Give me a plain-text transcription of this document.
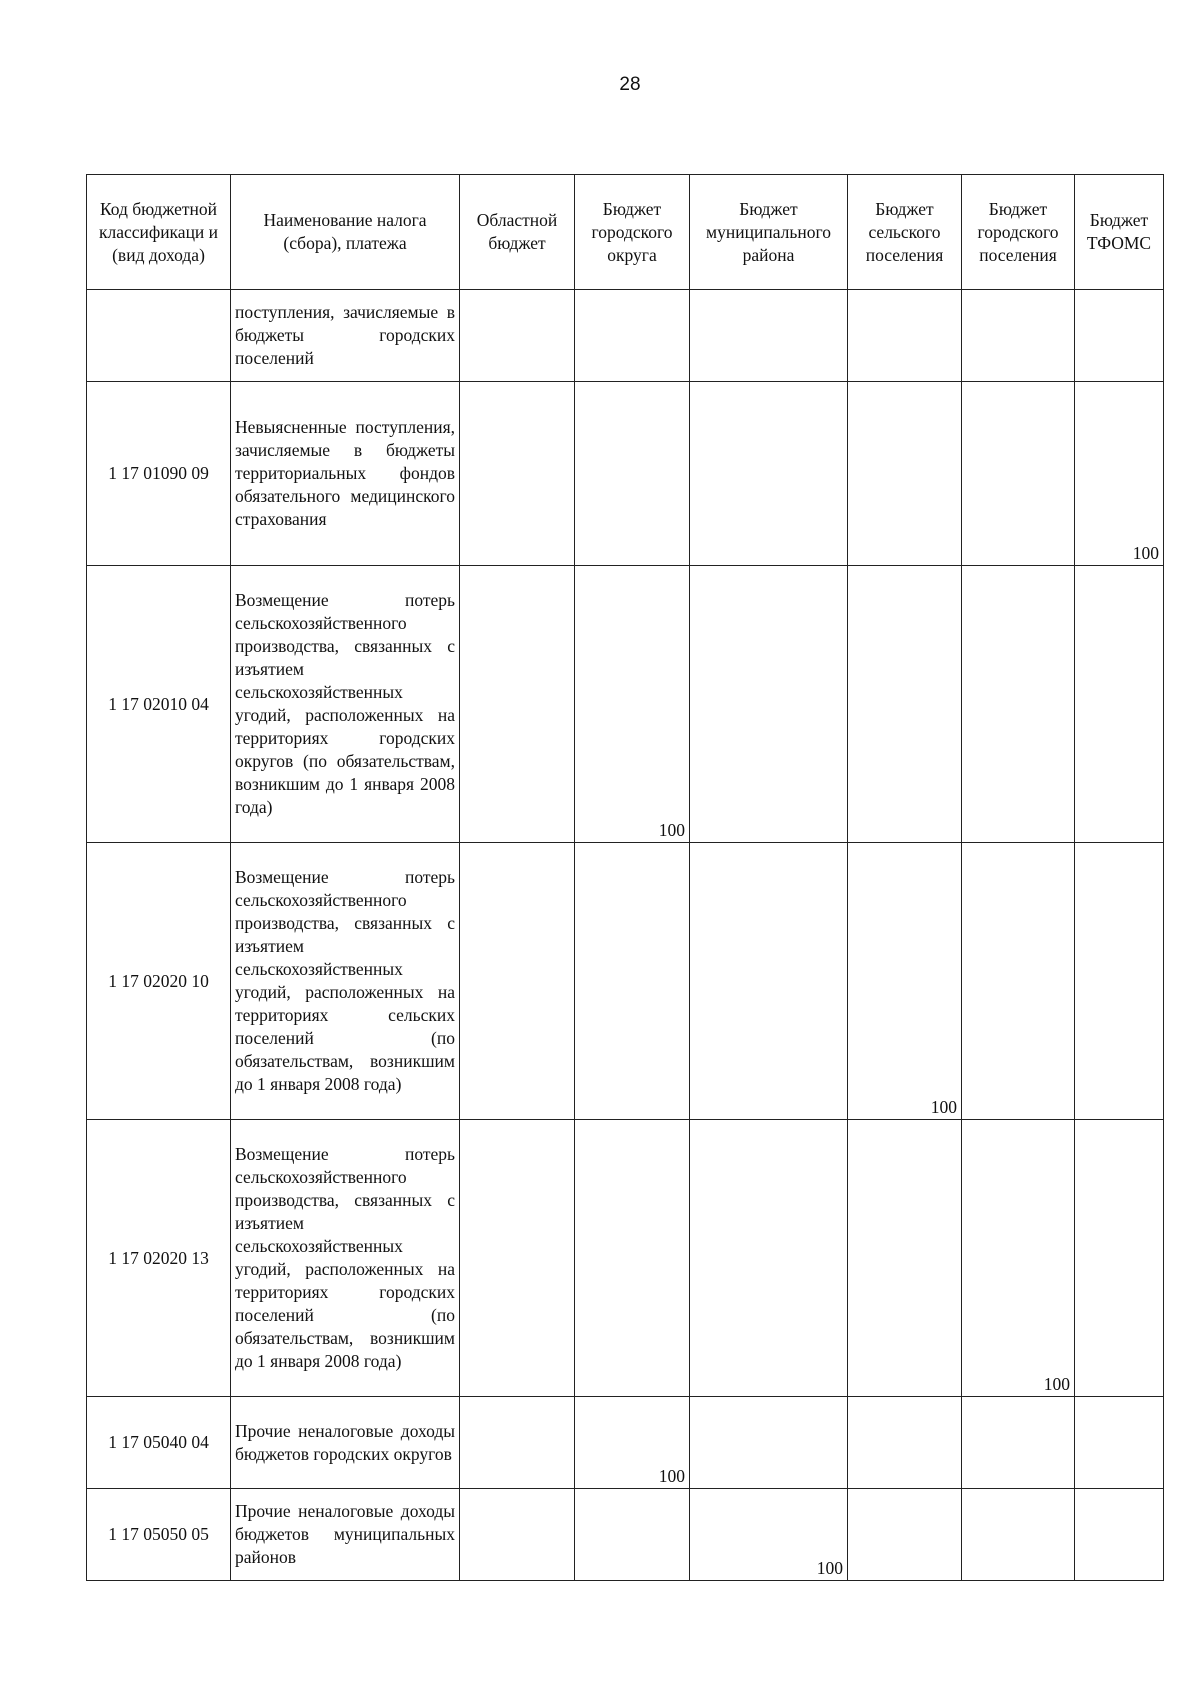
28
Код бюджетной классификаци и (вид дохода)	Наименование налога (сбора), платежа	Областной бюджет	Бюджет городского округа	Бюджет муниципального района	Бюджет сельского поселения	Бюджет городского поселения	Бюджет ТФОМС
	поступления, зачисляемые в бюджеты городских поселений						
1 17 01090 09	Невыясненные поступления, зачисляемые в бюджеты территориальных фондов обязательного медицинского страхования						100
1 17 02010 04	Возмещение потерь сельскохозяйственного производства, связанных с изъятием сельскохозяйственных угодий, расположенных на территориях городских округов (по обязательствам, возникшим до 1 января 2008 года)		100				
1 17 02020 10	Возмещение потерь сельскохозяйственного производства, связанных с изъятием сельскохозяйственных угодий, расположенных на территориях сельских поселений (по обязательствам, возникшим до 1 января 2008 года)				100		
1 17 02020 13	Возмещение потерь сельскохозяйственного производства, связанных с изъятием сельскохозяйственных угодий, расположенных на территориях городских поселений (по обязательствам, возникшим до 1 января 2008 года)					100	
1 17 05040 04	Прочие неналоговые доходы бюджетов городских округов		100				
1 17 05050 05	Прочие неналоговые доходы бюджетов муниципальных районов			100			
